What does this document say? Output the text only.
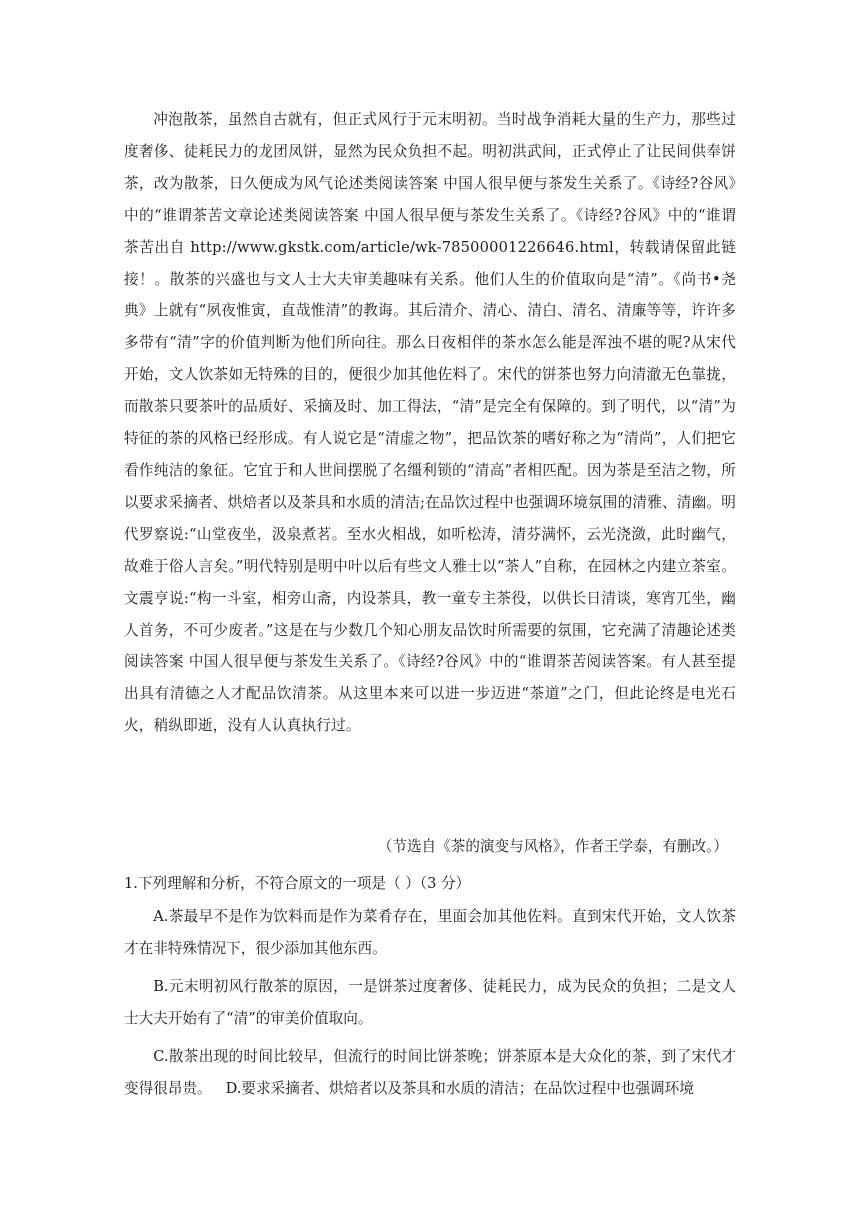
冲泡散茶，虽然自古就有，但正式风行于元末明初。当时战争消耗大量的生产力，那些过度奢侈、徒耗民力的龙团凤饼，显然为民众负担不起。明初洪武间，正式停止了让民间供奉饼茶，改为散茶，日久便成为风气论述类阅读答案 中国人很早便与茶发生关系了。《诗经?谷风》中的“谁谓茶苦文章论述类阅读答案 中国人很早便与茶发生关系了。《诗经?谷风》中的“谁谓茶苦出自 http://www.gkstk.com/article/wk-78500001226646.html，转载请保留此链接！。散茶的兴盛也与文人士大夫审美趣味有关系。他们人生的价值取向是“清”。《尚书•尧典》上就有“夙夜惟寅，直哉惟清”的教诲。其后清介、清心、清白、清名、清廉等等，许许多多带有“清”字的价值判断为他们所向往。那么日夜相伴的茶水怎么能是浑浊不堪的呢?从宋代开始，文人饮茶如无特殊的目的，便很少加其他佐料了。宋代的饼茶也努力向清澈无色靠拢，而散茶只要茶叶的品质好、采摘及时、加工得法，“清”是完全有保障的。到了明代，以“清”为特征的茶的风格已经形成。有人说它是“清虚之物”，把品饮茶的嗜好称之为“清尚”，人们把它看作纯洁的象征。它宜于和人世间摆脱了名缰利锁的“清高”者相匹配。因为茶是至洁之物，所以要求采摘者、烘焙者以及茶具和水质的清洁;在品饮过程中也强调环境氛围的清雅、清幽。明代罗察说:“山堂夜坐，汲泉煮茗。至水火相战，如听松涛，清芬满怀，云光浇潋，此时幽气，故难于俗人言矣。”明代特别是明中叶以后有些文人雅士以“茶人”自称，在园林之内建立茶室。文震亨说:“构一斗室，相旁山斋，内设茶具，教一童专主茶役，以供长日清谈，寒宵兀坐，幽人首务，不可少废者。”这是在与少数几个知心朋友品饮时所需要的氛围，它充满了清趣论述类阅读答案 中国人很早便与茶发生关系了。《诗经?谷风》中的“谁谓茶苦阅读答案。有人甚至提出具有清德之人才配品饮清茶。从这里本来可以进一步迈进“茶道”之门，但此论终是电光石火，稍纵即逝，没有人认真执行过。

（节选自《茶的演变与风格》，作者王学泰，有删改。）
1.下列理解和分析，不符合原文的一项是（ ）（3 分）

A.茶最早不是作为饮料而是作为菜肴存在，里面会加其他佐料。直到宋代开始，文人饮茶才在非特殊情况下，很少添加其他东西。

B.元末明初风行散茶的原因，一是饼茶过度奢侈、徒耗民力，成为民众的负担；二是文人士大夫开始有了“清”的审美价值取向。

C.散茶出现的时间比较早，但流行的时间比饼茶晚；饼茶原本是大众化的茶，到了宋代才变得很昂贵。 D.要求采摘者、烘焙者以及茶具和水质的清洁；在品饮过程中也强调环境
